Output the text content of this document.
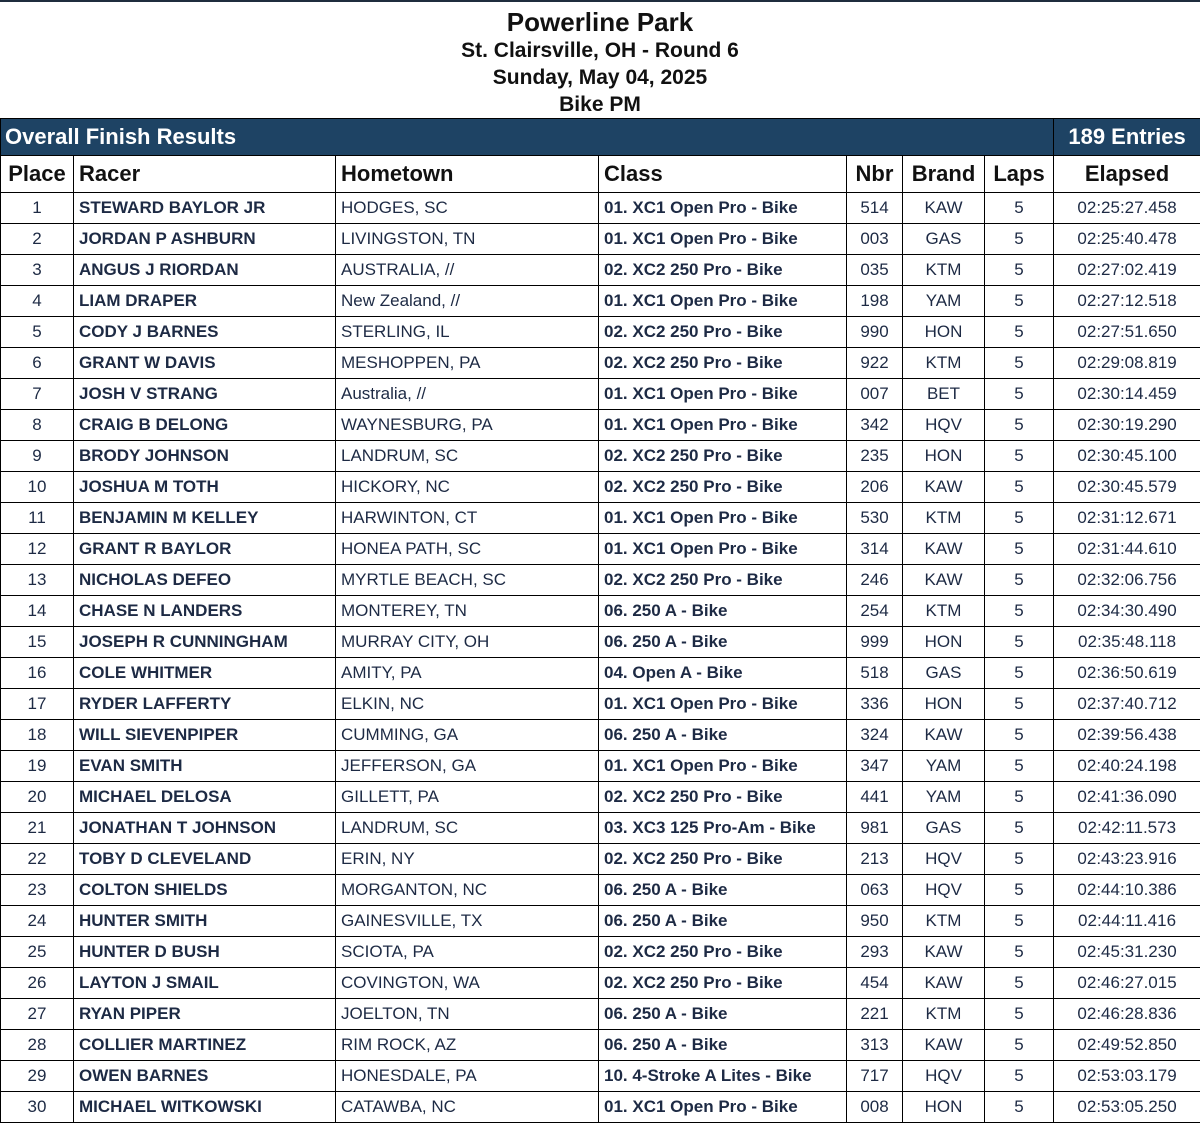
Powerline Park
St. Clairsville, OH - Round 6
Sunday, May 04, 2025
Bike PM
Overall Finish Results							189 Entries
Place	Racer	Hometown	Class	Nbr	Brand	Laps	Elapsed
1	STEWARD BAYLOR JR	HODGES, SC	01. XC1 Open Pro - Bike	514	KAW	5	02:25:27.458
2	JORDAN P ASHBURN	LIVINGSTON, TN	01. XC1 Open Pro - Bike	003	GAS	5	02:25:40.478
3	ANGUS J RIORDAN	AUSTRALIA, //	02. XC2 250 Pro - Bike	035	KTM	5	02:27:02.419
4	LIAM DRAPER	New Zealand, //	01. XC1 Open Pro - Bike	198	YAM	5	02:27:12.518
5	CODY J BARNES	STERLING, IL	02. XC2 250 Pro - Bike	990	HON	5	02:27:51.650
6	GRANT W DAVIS	MESHOPPEN, PA	02. XC2 250 Pro - Bike	922	KTM	5	02:29:08.819
7	JOSH V STRANG	Australia, //	01. XC1 Open Pro - Bike	007	BET	5	02:30:14.459
8	CRAIG B DELONG	WAYNESBURG, PA	01. XC1 Open Pro - Bike	342	HQV	5	02:30:19.290
9	BRODY JOHNSON	LANDRUM, SC	02. XC2 250 Pro - Bike	235	HON	5	02:30:45.100
10	JOSHUA M TOTH	HICKORY, NC	02. XC2 250 Pro - Bike	206	KAW	5	02:30:45.579
11	BENJAMIN M KELLEY	HARWINTON, CT	01. XC1 Open Pro - Bike	530	KTM	5	02:31:12.671
12	GRANT R BAYLOR	HONEA PATH, SC	01. XC1 Open Pro - Bike	314	KAW	5	02:31:44.610
13	NICHOLAS DEFEO	MYRTLE BEACH, SC	02. XC2 250 Pro - Bike	246	KAW	5	02:32:06.756
14	CHASE N LANDERS	MONTEREY, TN	06. 250 A - Bike	254	KTM	5	02:34:30.490
15	JOSEPH R CUNNINGHAM	MURRAY CITY, OH	06. 250 A - Bike	999	HON	5	02:35:48.118
16	COLE WHITMER	AMITY, PA	04. Open A - Bike	518	GAS	5	02:36:50.619
17	RYDER LAFFERTY	ELKIN, NC	01. XC1 Open Pro - Bike	336	HON	5	02:37:40.712
18	WILL SIEVENPIPER	CUMMING, GA	06. 250 A - Bike	324	KAW	5	02:39:56.438
19	EVAN SMITH	JEFFERSON, GA	01. XC1 Open Pro - Bike	347	YAM	5	02:40:24.198
20	MICHAEL DELOSA	GILLETT, PA	02. XC2 250 Pro - Bike	441	YAM	5	02:41:36.090
21	JONATHAN T JOHNSON	LANDRUM, SC	03. XC3 125 Pro-Am - Bike	981	GAS	5	02:42:11.573
22	TOBY D CLEVELAND	ERIN, NY	02. XC2 250 Pro - Bike	213	HQV	5	02:43:23.916
23	COLTON SHIELDS	MORGANTON, NC	06. 250 A - Bike	063	HQV	5	02:44:10.386
24	HUNTER SMITH	GAINESVILLE, TX	06. 250 A - Bike	950	KTM	5	02:44:11.416
25	HUNTER D BUSH	SCIOTA, PA	02. XC2 250 Pro - Bike	293	KAW	5	02:45:31.230
26	LAYTON J SMAIL	COVINGTON, WA	02. XC2 250 Pro - Bike	454	KAW	5	02:46:27.015
27	RYAN PIPER	JOELTON, TN	06. 250 A - Bike	221	KTM	5	02:46:28.836
28	COLLIER MARTINEZ	RIM ROCK, AZ	06. 250 A - Bike	313	KAW	5	02:49:52.850
29	OWEN BARNES	HONESDALE, PA	10. 4-Stroke A Lites - Bike	717	HQV	5	02:53:03.179
30	MICHAEL WITKOWSKI	CATAWBA, NC	01. XC1 Open Pro - Bike	008	HON	5	02:53:05.250
